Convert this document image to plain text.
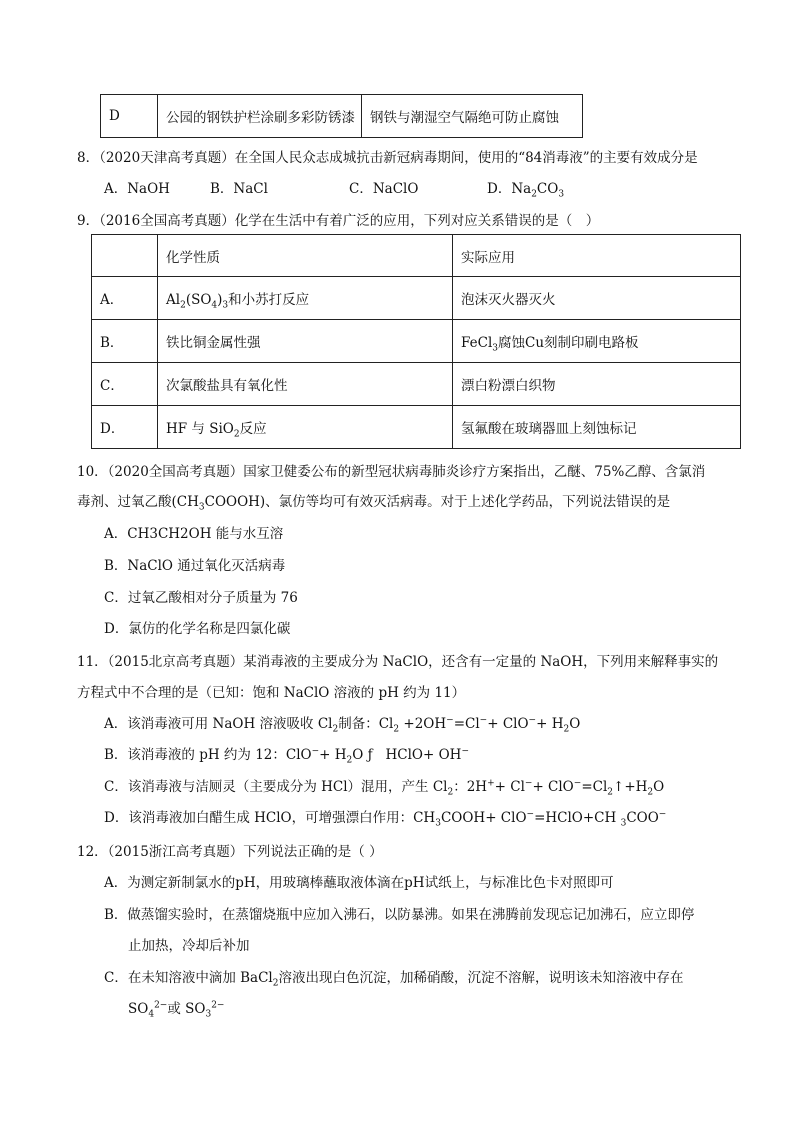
D	公园的钢铁护栏涂刷多彩防锈漆	钢铁与潮湿空气隔绝可防止腐蚀
8．（2020天津高考真题）在全国人民众志成城抗击新冠病毒期间，使用的“84消毒液”的主要有效成分是
A．NaOH	B．NaCl	C．NaClO	D．$Na_2CO_3$
9．（2016全国高考真题）化学在生活中有着广泛的应用，下列对应关系错误的是（　）
	化学性质	实际应用
A．	$Al_2(SO_4)_3$和小苏打反应	泡沫灭火器灭火
B．	铁比铜金属性强	FeCl$_3$腐蚀Cu刻制印刷电路板
C．	次氯酸盐具有氧化性	漂白粉漂白织物
D．	HF 与 SiO$_2$反应	氢氟酸在玻璃器皿上刻蚀标记
10．（2020全国高考真题）国家卫健委公布的新型冠状病毒肺炎诊疗方案指出，乙醚、75%乙醇、含氯消
毒剂、过氧乙酸$(CH_3COOOH)$、氯仿等均可有效灭活病毒。对于上述化学药品，下列说法错误的是
A．CH3CH2OH 能与水互溶
B．NaClO 通过氧化灭活病毒
C．过氧乙酸相对分子质量为 76
D．氯仿的化学名称是四氯化碳
11．（2015北京高考真题）某消毒液的主要成分为 NaClO，还含有一定量的 NaOH，下列用来解释事实的
方程式中不合理的是（已知：饱和 NaClO 溶液的 pH 约为 11）
A．该消毒液可用 NaOH 溶液吸收 $Cl_2$制备：$Cl_2 +2OH^-=Cl^-+ ClO^-+ H_2O$
B．该消毒液的 pH 约为 12：$ClO^-+ H_2O$ ƒ   HClO+ OH−
C．该消毒液与洁厕灵（主要成分为 HCl）混用，产生 $Cl_2$：$2H^++ Cl^-+ ClO^-=Cl_2↑+H_2O$
D．该消毒液加白醋生成 HClO，可增强漂白作用：$CH_3COOH+$ ClO−=HClO+CH $_3$COO−
12．（2015浙江高考真题）下列说法正确的是（ ）
A．为测定新制氯水的pH，用玻璃棒蘸取液体滴在pH试纸上，与标准比色卡对照即可
B．做蒸馏实验时，在蒸馏烧瓶中应加入沸石，以防暴沸。如果在沸腾前发现忘记加沸石，应立即停
止加热，冷却后补加
C．在未知溶液中滴加 BaCl$_2$溶液出现白色沉淀，加稀硝酸，沉淀不溶解，说明该未知溶液中存在
$SO_4^{2-}$或 $SO_3^{2-}$
